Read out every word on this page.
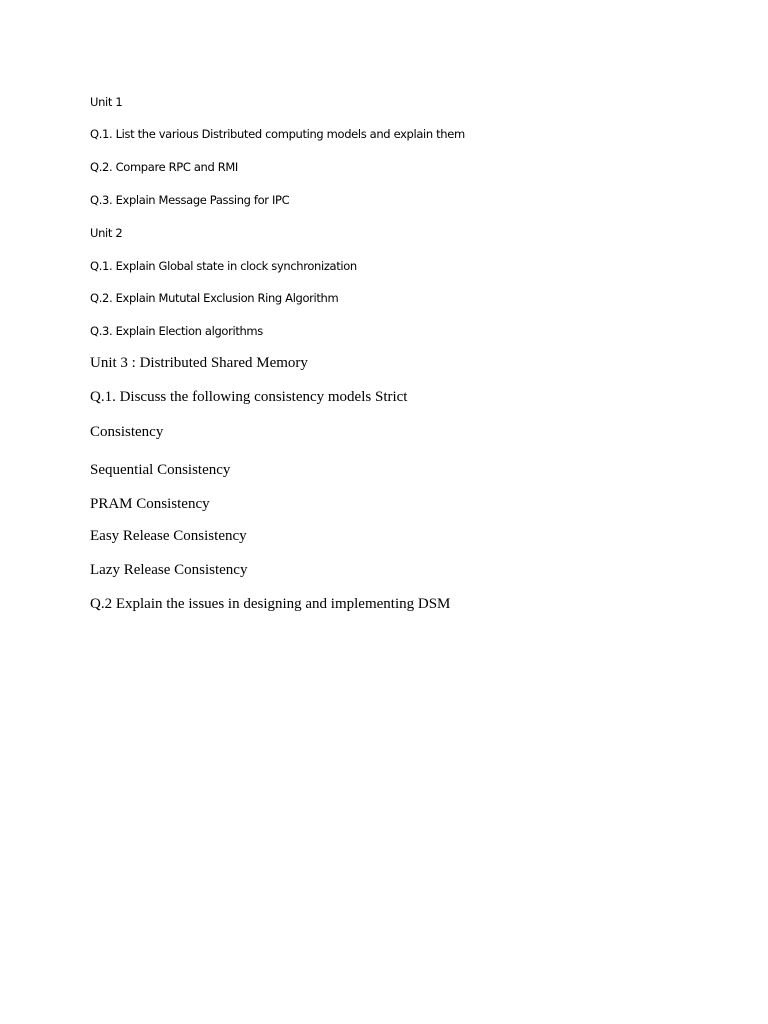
Unit 1

Q.1. List the various Distributed computing models and explain them

Q.2. Compare RPC and RMI

Q.3. Explain Message Passing for IPC

Unit 2

Q.1. Explain Global state in clock synchronization

Q.2. Explain Mututal Exclusion Ring Algorithm

Q.3. Explain Election algorithms

Unit 3 : Distributed Shared Memory

Q.1. Discuss the following consistency models Strict

Consistency

Sequential Consistency

PRAM Consistency

Easy Release Consistency

Lazy Release Consistency

Q.2 Explain the issues in designing and implementing DSM
